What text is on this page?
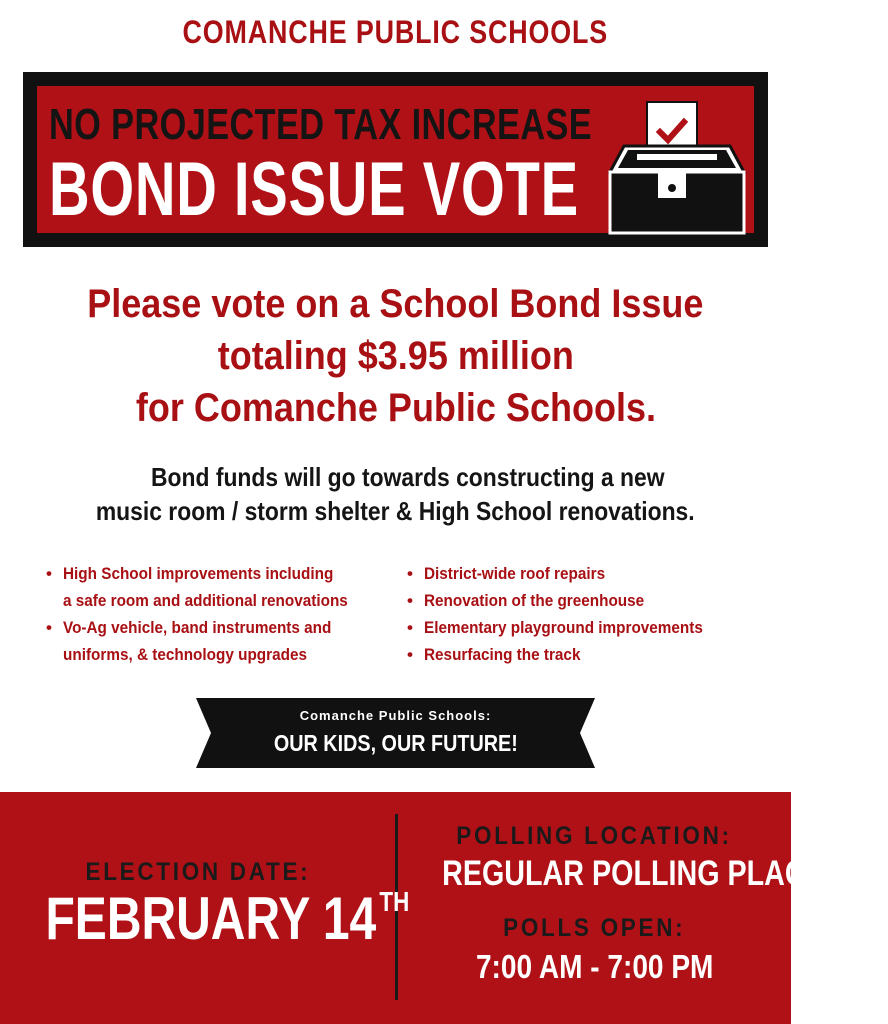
COMANCHE PUBLIC SCHOOLS
NO PROJECTED TAX INCREASE
BOND ISSUE VOTE
Please vote on a School Bond Issue
totaling $3.95 million
for Comanche Public Schools.
Bond funds will go towards constructing a new
music room / storm shelter & High School renovations.
• High School improvements including
a safe room and additional renovations
• Vo-Ag vehicle, band instruments and
uniforms, & technology upgrades
• District-wide roof repairs
• Renovation of the greenhouse
• Elementary playground improvements
• Resurfacing the track
Comanche Public Schools:
OUR KIDS, OUR FUTURE!
ELECTION DATE:
FEBRUARY 14 $^{TH}$
POLLING LOCATION:
REGULAR POLLING PLACES
POLLS OPEN:
7:00 AM - 7:00 PM
